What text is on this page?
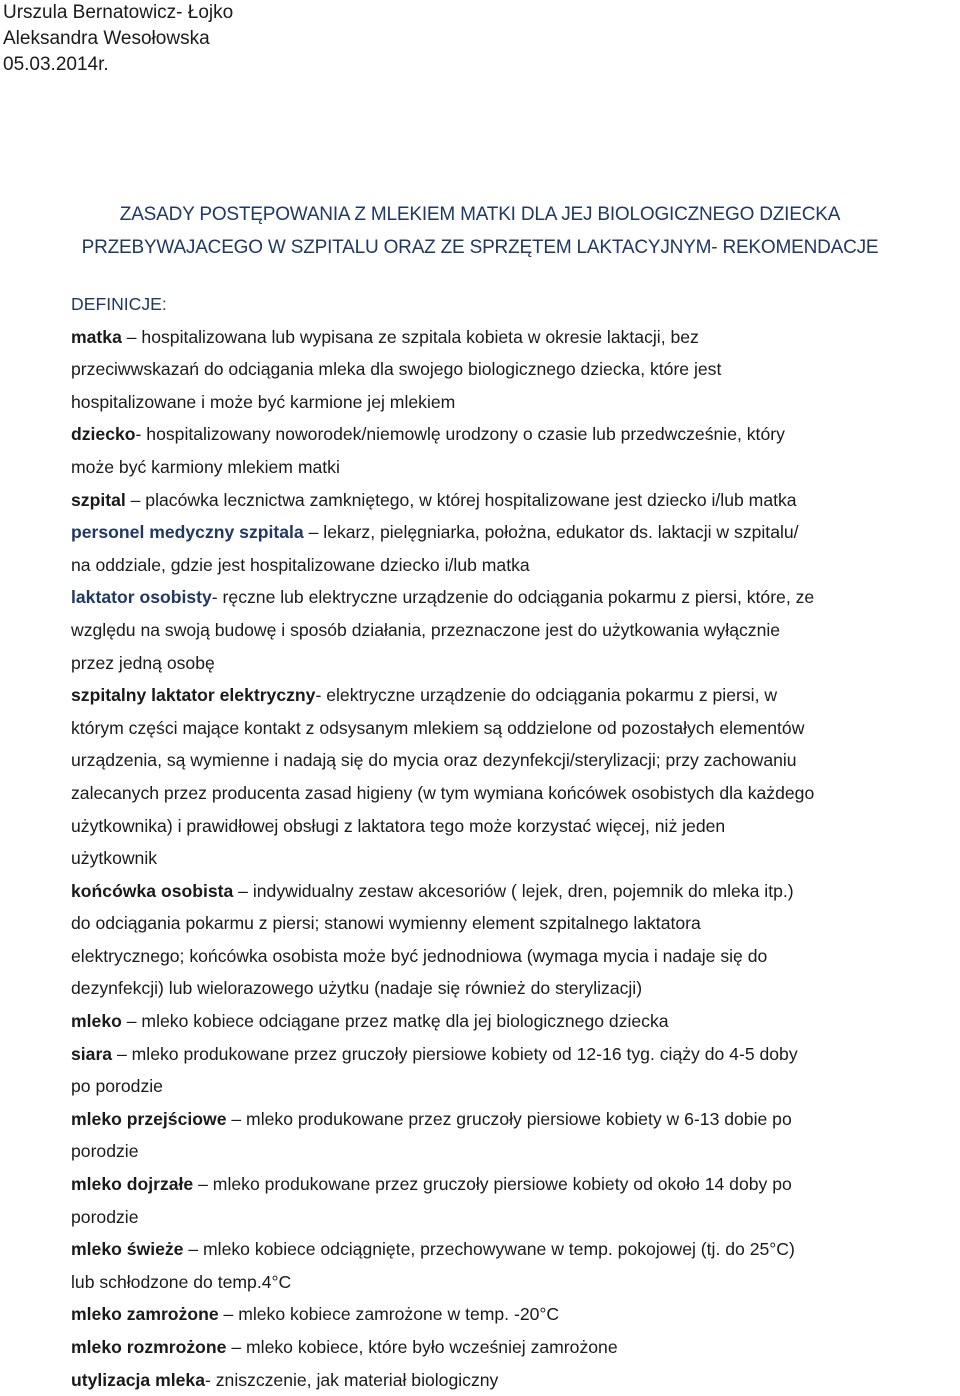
Urszula Bernatowicz- Łojko
Aleksandra Wesołowska
05.03.2014r.
ZASADY POSTĘPOWANIA Z MLEKIEM MATKI DLA JEJ BIOLOGICZNEGO DZIECKA
PRZEBYWAJACEGO W SZPITALU ORAZ ZE SPRZĘTEM LAKTACYJNYM- REKOMENDACJE
DEFINICJE:
matka – hospitalizowana lub wypisana ze szpitala kobieta w okresie laktacji, bez
przeciwwskazań do odciągania mleka dla swojego biologicznego dziecka, które jest
hospitalizowane i może być karmione jej mlekiem
dziecko- hospitalizowany noworodek/niemowlę urodzony o czasie lub przedwcześnie, który
może być karmiony mlekiem matki
szpital – placówka lecznictwa zamkniętego, w której hospitalizowane jest dziecko i/lub matka
personel medyczny szpitala – lekarz, pielęgniarka, położna, edukator ds. laktacji w szpitalu/
na oddziale, gdzie jest hospitalizowane dziecko i/lub matka
laktator osobisty- ręczne lub elektryczne urządzenie do odciągania pokarmu z piersi, które, ze
względu na swoją budowę i sposób działania, przeznaczone jest do użytkowania wyłącznie
przez jedną osobę
szpitalny laktator elektryczny- elektryczne urządzenie do odciągania pokarmu z piersi, w
którym części mające kontakt z odsysanym mlekiem są oddzielone od pozostałych elementów
urządzenia, są wymienne i nadają się do mycia oraz dezynfekcji/sterylizacji; przy zachowaniu
zalecanych przez producenta zasad higieny (w tym wymiana końcówek osobistych dla każdego
użytkownika) i prawidłowej obsługi z laktatora tego może korzystać więcej, niż jeden
użytkownik
końcówka osobista – indywidualny zestaw akcesoriów ( lejek, dren, pojemnik do mleka itp.)
do odciągania pokarmu z piersi; stanowi wymienny element szpitalnego laktatora
elektrycznego; końcówka osobista może być jednodniowa (wymaga mycia i nadaje się do
dezynfekcji) lub wielorazowego użytku (nadaje się również do sterylizacji)
mleko – mleko kobiece odciągane przez matkę dla jej biologicznego dziecka
siara – mleko produkowane przez gruczoły piersiowe kobiety od 12-16 tyg. ciąży do 4-5 doby
po porodzie
mleko przejściowe – mleko produkowane przez gruczoły piersiowe kobiety w 6-13 dobie po
porodzie
mleko dojrzałe – mleko produkowane przez gruczoły piersiowe kobiety od około 14 doby po
porodzie
mleko świeże – mleko kobiece odciągnięte, przechowywane w temp. pokojowej (tj. do 25°C)
lub schłodzone do temp.4°C
mleko zamrożone – mleko kobiece zamrożone w temp. -20°C
mleko rozmrożone – mleko kobiece, które było wcześniej zamrożone
utylizacja mleka- zniszczenie, jak materiał biologiczny
